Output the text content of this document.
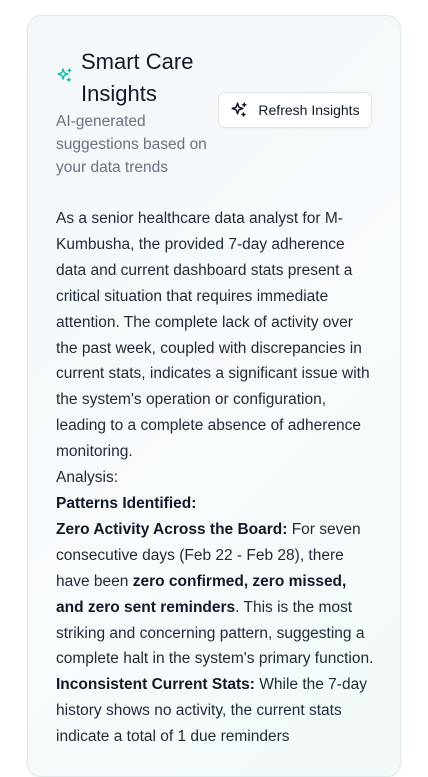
Smart Care Insights

AI-generated suggestions based on your data trends

Refresh Insights

As a senior healthcare data analyst for M-Kumbusha, the provided 7-day adherence data and current dashboard stats present a critical situation that requires immediate attention. The complete lack of activity over the past week, coupled with discrepancies in current stats, indicates a significant issue with the system's operation or configuration, leading to a complete absence of adherence monitoring.

Analysis:

Patterns Identified:

Zero Activity Across the Board: For seven consecutive days (Feb 22 - Feb 28), there have been zero confirmed, zero missed, and zero sent reminders. This is the most striking and concerning pattern, suggesting a complete halt in the system's primary function.

Inconsistent Current Stats: While the 7-day history shows no activity, the current stats indicate a total of 1 due reminders
